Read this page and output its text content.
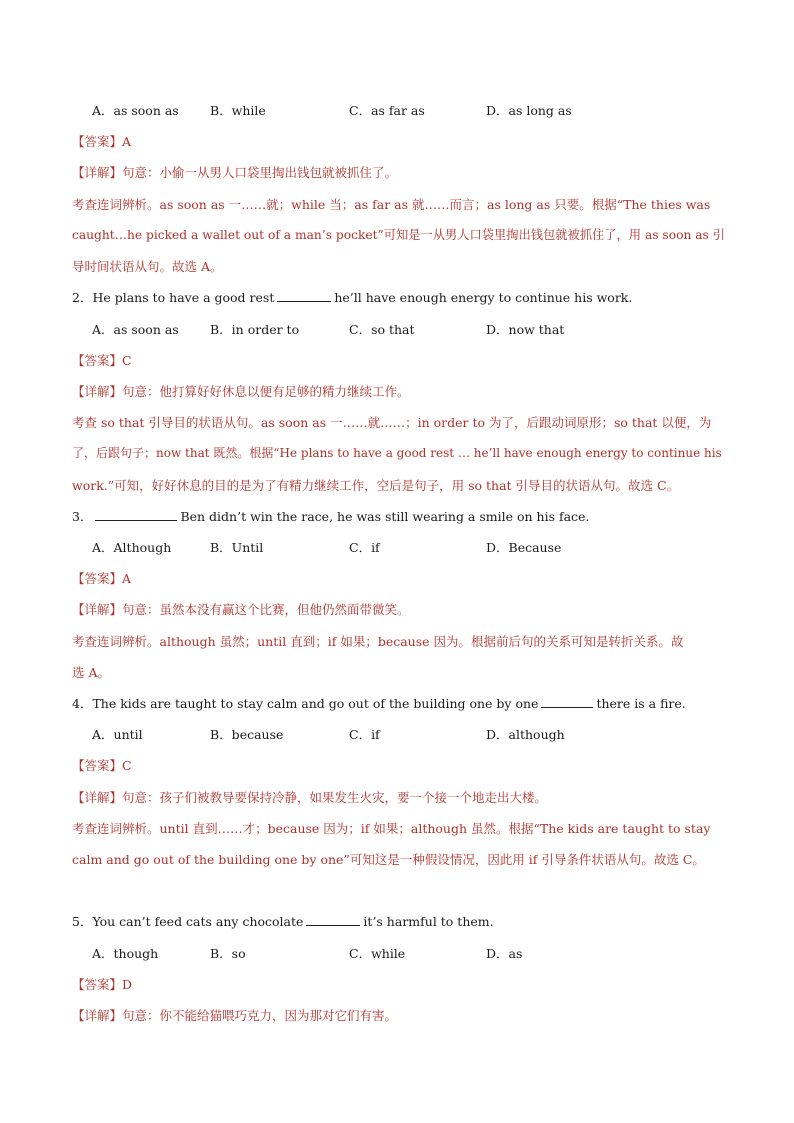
A．as soon as	B．while	C．as far as	D．as long as
【答案】A
【详解】句意：小偷一从男人口袋里掏出钱包就被抓住了。
考查连词辨析。as soon as 一……就；while 当；as far as 就……而言；as long as 只要。根据“The thies was
caught…he picked a wallet out of a man’s pocket”可知是一从男人口袋里掏出钱包就被抓住了，用 as soon as 引
导时间状语从句。故选 A。
2．He plans to have a good rest	he’ll have enough energy to continue his work.
A．as soon as	B．in order to	C．so that	D．now that
【答案】C
【详解】句意：他打算好好休息以便有足够的精力继续工作。
考查 so that 引导目的状语从句。as soon as 一……就……；in order to 为了，后跟动词原形；so that 以便，为
了，后跟句子；now that 既然。根据“He plans to have a good rest … he’ll have enough energy to continue his
work.”可知，好好休息的目的是为了有精力继续工作，空后是句子，用 so that 引导目的状语从句。故选 C。
3．	Ben didn’t win the race, he was still wearing a smile on his face.
A．Although	B．Until	C．if	D．Because
【答案】A
【详解】句意：虽然本没有赢这个比赛，但他仍然面带微笑。
考查连词辨析。although 虽然；until 直到；if 如果；because 因为。根据前后句的关系可知是转折关系。故
选 A。
4．The kids are taught to stay calm and go out of the building one by one	there is a fire.
A．until	B．because	C．if	D．although
【答案】C
【详解】句意：孩子们被教导要保持冷静，如果发生火灾，要一个接一个地走出大楼。
考查连词辨析。until 直到……才；because 因为；if 如果；although 虽然。根据“The kids are taught to stay
calm and go out of the building one by one”可知这是一种假设情况，因此用 if 引导条件状语从句。故选 C。
5．You can’t feed cats any chocolate	it’s harmful to them.
A．though	B．so	C．while	D．as
【答案】D
【详解】句意：你不能给猫喂巧克力，因为那对它们有害。
